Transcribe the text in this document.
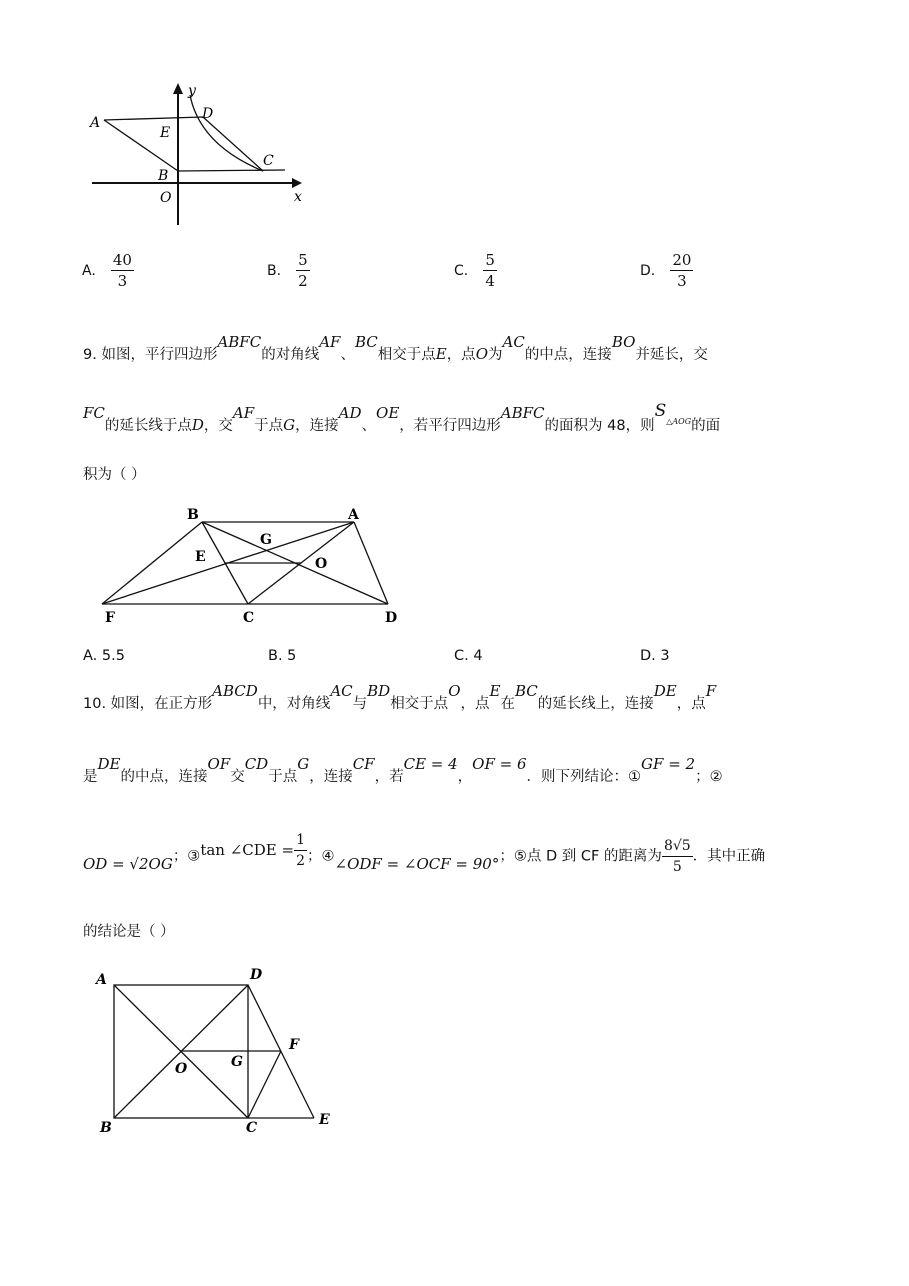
y
x
A
D
E
C
B
O
A. $\frac{40}{3}$	B. $\frac{5}{2}$	C. $\frac{5}{4}$	D. $\frac{20}{3}$
9. 如图，平行四边形ABFC的对角线AF、BC相交于点E，点O为AC的中点，连接BO并延长，交
FC的延长线于点D，交AF于点G，连接AD、OE，若平行四边形ABFC的面积为 48，则$S^{\triangle AOG}$的面
积为（ ）
B	A
G
E	O
F	C	D
A. 5.5	B. 5	C. 4	D. 3
10. 如图，在正方形ABCD中，对角线AC与BD相交于点O，点E在BC的延长线上，连接DE，点F
是DE的中点，连接OF交CD于点G，连接CF，若CE = 4，OF = 6．则下列结论：①GF = 2；②
OD = √2OG；③tan ∠CDE = $\frac{1}{2}$ ；④∠ODF = ∠OCF = 90°；⑤点 D 到 CF 的距离为 $\frac{8√5}{5}$ ．其中正确
的结论是（ ）
A	D
F
O	G
B	C	E
